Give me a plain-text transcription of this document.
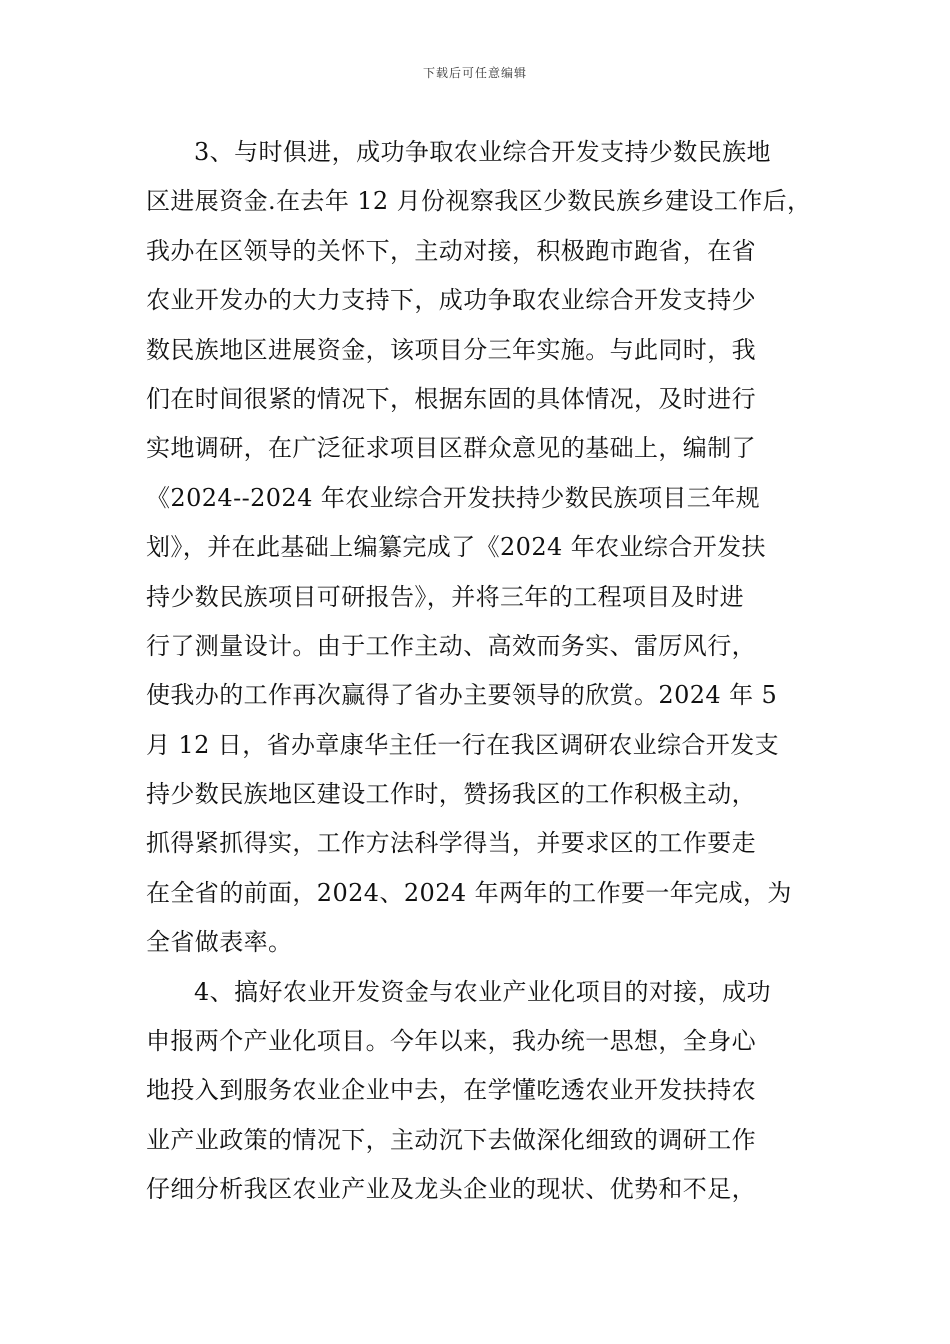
下载后可任意编辑
3、与时俱进，成功争取农业综合开发支持少数民族地
区进展资金.在去年 12 月份视察我区少数民族乡建设工作后，
我办在区领导的关怀下，主动对接，积极跑市跑省，在省
农业开发办的大力支持下，成功争取农业综合开发支持少
数民族地区进展资金，该项目分三年实施。与此同时，我
们在时间很紧的情况下，根据东固的具体情况，及时进行
实地调研，在广泛征求项目区群众意见的基础上，编制了
《2024--2024 年农业综合开发扶持少数民族项目三年规
划》，并在此基础上编纂完成了《2024 年农业综合开发扶
持少数民族项目可研报告》，并将三年的工程项目及时进
行了测量设计。由于工作主动、高效而务实、雷厉风行，
使我办的工作再次赢得了省办主要领导的欣赏。2024 年 5
月 12 日，省办章康华主任一行在我区调研农业综合开发支
持少数民族地区建设工作时，赞扬我区的工作积极主动，
抓得紧抓得实，工作方法科学得当，并要求区的工作要走
在全省的前面，2024、2024 年两年的工作要一年完成，为
全省做表率。
4、搞好农业开发资金与农业产业化项目的对接，成功
申报两个产业化项目。今年以来，我办统一思想，全身心
地投入到服务农业企业中去，在学懂吃透农业开发扶持农
业产业政策的情况下，主动沉下去做深化细致的调研工作
仔细分析我区农业产业及龙头企业的现状、优势和不足，
